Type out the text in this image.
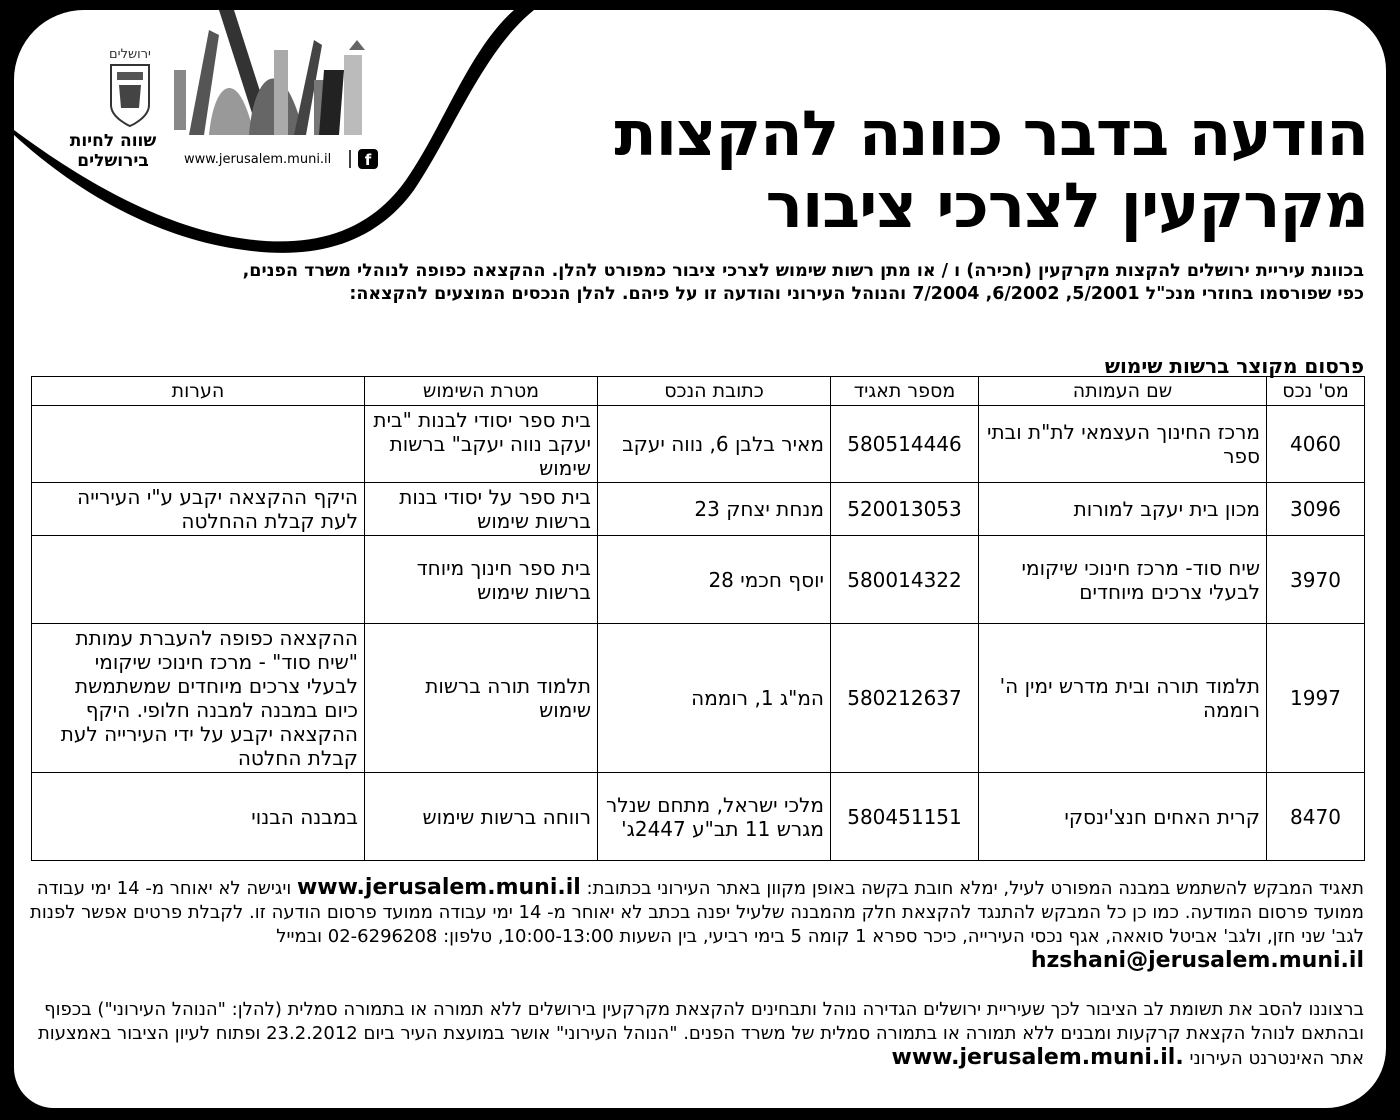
ירושלים
שווה לחיות
בירושלים	www.jerusalem.muni.il f	הודעה בדבר כוונה להקצות
מקרקעין לצרכי ציבור
בכוונת עיריית ירושלים להקצות מקרקעין (חכירה) ו / או מתן רשות שימוש לצרכי ציבור כמפורט להלן. ההקצאה כפופה לנוהלי משרד הפנים,
כפי שפורסמו בחוזרי מנכ"ל 5/2001, 6/2002, 7/2004 והנוהל העירוני והודעה זו על פיהם. להלן הנכסים המוצעים להקצאה:
פרסום מקוצר ברשות שימוש
מס' נכס	שם העמותה	מספר תאגיד	כתובת הנכס	מטרת השימוש	הערות
4060	מרכז החינוך העצמאי לת"ת ובתי ספר	580514446	מאיר בלבן 6, נווה יעקב	בית ספר יסודי לבנות "בית יעקב נווה יעקב" ברשות שימוש	
3096	מכון בית יעקב למורות	520013053	מנחת יצחק 23	בית ספר על יסודי בנות ברשות שימוש	היקף ההקצאה יקבע ע"י העירייה לעת קבלת ההחלטה
3970	שיח סוד- מרכז חינוכי שיקומי לבעלי צרכים מיוחדים	580014322	יוסף חכמי 28	בית ספר חינוך מיוחד ברשות שימוש	
1997	תלמוד תורה ובית מדרש ימין ה' רוממה	580212637	המ"ג 1, רוממה	תלמוד תורה ברשות שימוש	ההקצאה כפופה להעברת עמותת "שיח סוד" - מרכז חינוכי שיקומי לבעלי צרכים מיוחדים שמשתמשת כיום במבנה למבנה חלופי. היקף ההקצאה יקבע על ידי העירייה לעת קבלת החלטה
8470	קרית האחים חנצ'ינסקי	580451151	מלכי ישראל, מתחם שנלר מגרש 11 תב"ע 2447ג'	רווחה ברשות שימוש	במבנה הבנוי
תאגיד המבקש להשתמש במבנה המפורט לעיל, ימלא חובת בקשה באופן מקוון באתר העירוני בכתובת: www.jerusalem.muni.il ויגישה לא יאוחר מ- 14 ימי עבודה ממועד פרסום המודעה. כמו כן כל המבקש להתנגד להקצאת חלק מהמבנה שלעיל יפנה בכתב לא יאוחר מ- 14 ימי עבודה ממועד פרסום הודעה זו. לקבלת פרטים אפשר לפנות לגב' שני חזן, ולגב' אביטל סואאה, אגף נכסי העירייה, כיכר ספרא 1 קומה 5 בימי רביעי, בין השעות 10:00-13:00, טלפון: 02-6296208 ובמייל hzshani@jerusalem.muni.il
ברצוננו להסב את תשומת לב הציבור לכך שעיריית ירושלים הגדירה נוהל ותבחינים להקצאת מקרקעין בירושלים ללא תמורה או בתמורה סמלית (להלן: "הנוהל העירוני") בכפוף ובהתאם לנוהל הקצאת קרקעות ומבנים ללא תמורה או בתמורה סמלית של משרד הפנים. "הנוהל העירוני" אושר במועצת העיר ביום 23.2.2012 ופתוח לעיון הציבור באמצעות אתר האינטרנט העירוני www.jerusalem.muni.il.
